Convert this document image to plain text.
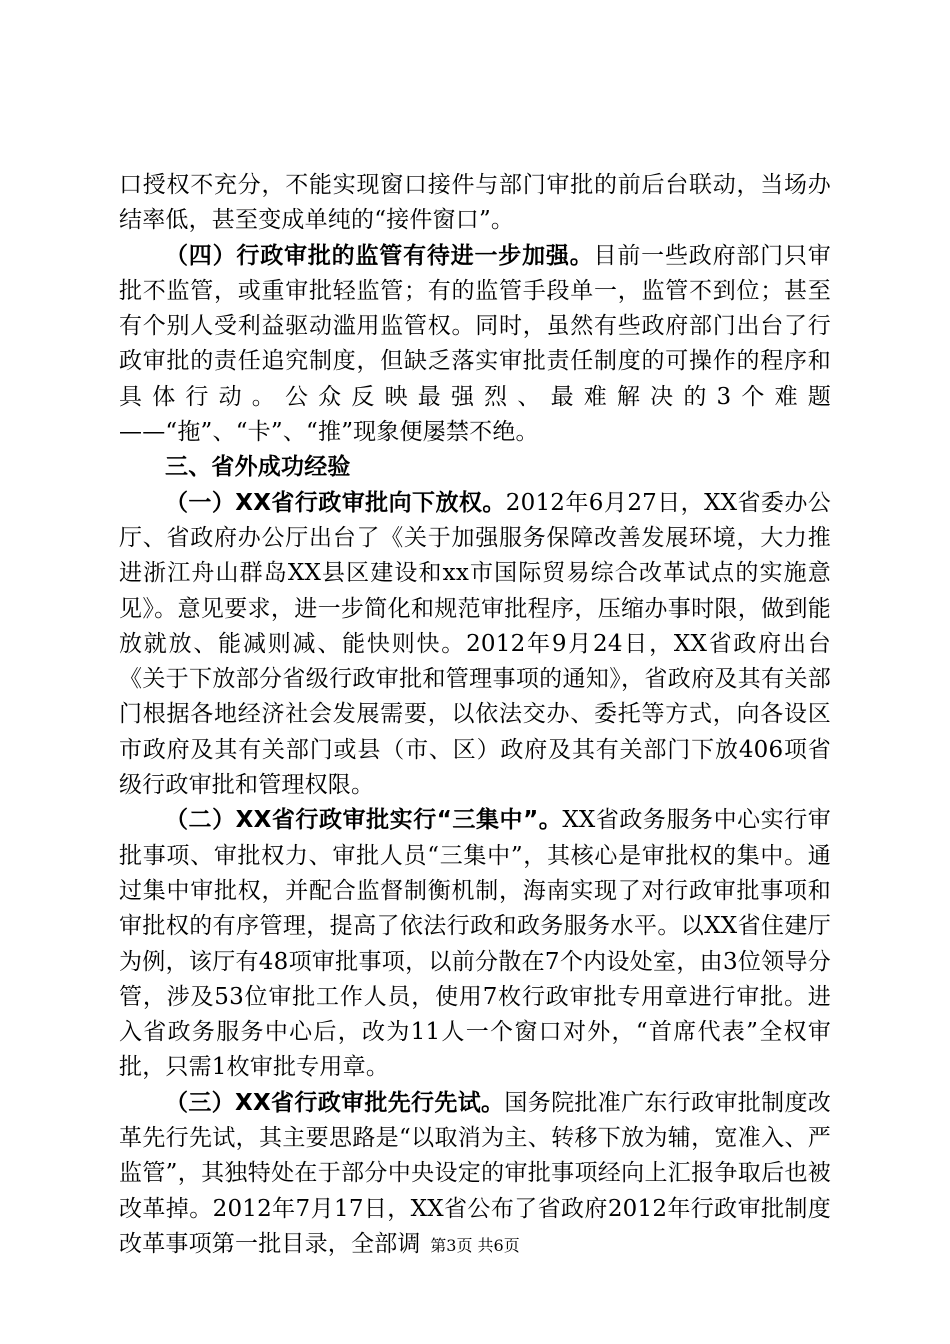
口授权不充分，不能实现窗口接件与部门审批的前后台联动，当场办结率低，甚至变成单纯的“接件窗口”。

（四）行政审批的监管有待进一步加强。目前一些政府部门只审批不监管，或重审批轻监管；有的监管手段单一，监管不到位；甚至有个别人受利益驱动滥用监管权。同时，虽然有些政府部门出台了行政审批的责任追究制度，但缺乏落实审批责任制度的可操作的程序和具体行动。公众反映最强烈、最难解决的3个难题——“拖”、“卡”、“推”现象便屡禁不绝。

三、省外成功经验

（一）XX省行政审批向下放权。2012年6月27日，XX省委办公厅、省政府办公厅出台了《关于加强服务保障改善发展环境，大力推进浙江舟山群岛XX县区建设和xx市国际贸易综合改革试点的实施意见》。意见要求，进一步简化和规范审批程序，压缩办事时限，做到能放就放、能减则减、能快则快。2012年9月24日，XX省政府出台《关于下放部分省级行政审批和管理事项的通知》，省政府及其有关部门根据各地经济社会发展需要，以依法交办、委托等方式，向各设区市政府及其有关部门或县（市、区）政府及其有关部门下放406项省级行政审批和管理权限。

（二）XX省行政审批实行“三集中”。XX省政务服务中心实行审批事项、审批权力、审批人员“三集中”，其核心是审批权的集中。通过集中审批权，并配合监督制衡机制，海南实现了对行政审批事项和审批权的有序管理，提高了依法行政和政务服务水平。以XX省住建厅为例，该厅有48项审批事项，以前分散在7个内设处室，由3位领导分管，涉及53位审批工作人员，使用7枚行政审批专用章进行审批。进入省政务服务中心后，改为11人一个窗口对外，“首席代表”全权审批，只需1枚审批专用章。

（三）XX省行政审批先行先试。国务院批准广东行政审批制度改革先行先试，其主要思路是“以取消为主、转移下放为辅，宽准入、严监管”，其独特处在于部分中央设定的审批事项经向上汇报争取后也被改革掉。2012年7月17日，XX省公布了省政府2012年行政审批制度改革事项第一批目录，全部调 第3页 共6页
